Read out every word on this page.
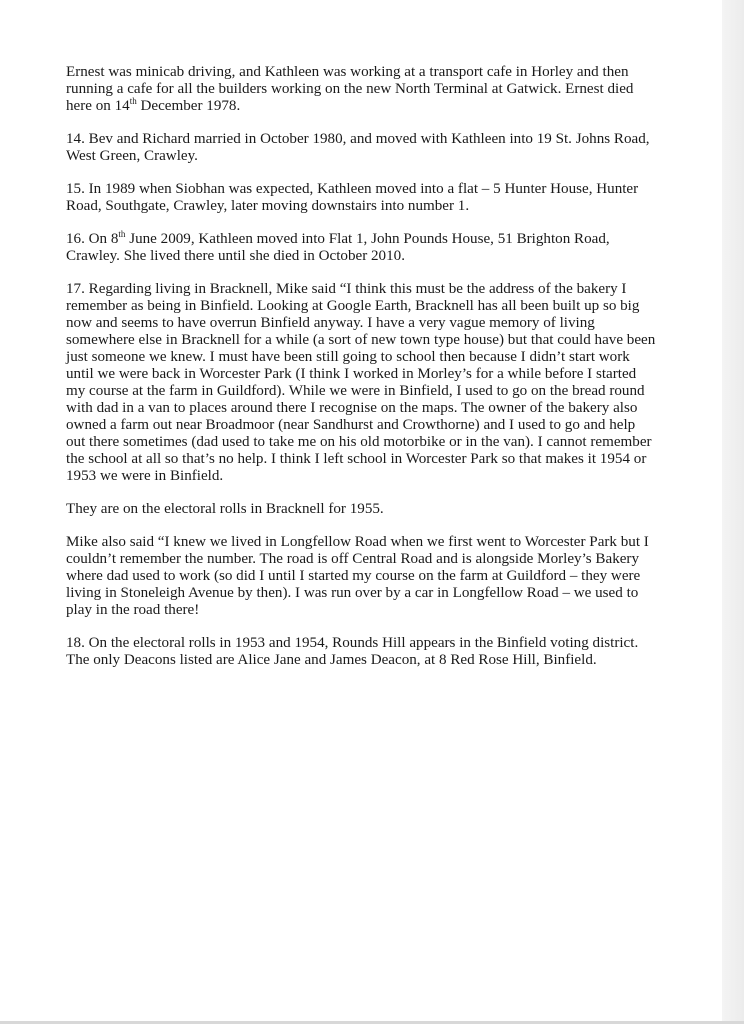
Ernest was minicab driving, and Kathleen was working at a transport cafe in Horley and then running a cafe for all the builders working on the new North Terminal at Gatwick. Ernest died here on 14th December 1978.

14. Bev and Richard married in October 1980, and moved with Kathleen into 19 St. Johns Road, West Green, Crawley.

15. In 1989 when Siobhan was expected, Kathleen moved into a flat – 5 Hunter House, Hunter Road, Southgate, Crawley, later moving downstairs into number 1.

16. On 8th June 2009, Kathleen moved into Flat 1, John Pounds House, 51 Brighton Road, Crawley. She lived there until she died in October 2010.

17. Regarding living in Bracknell, Mike said “I think this must be the address of the bakery I remember as being in Binfield. Looking at Google Earth, Bracknell has all been built up so big now and seems to have overrun Binfield anyway. I have a very vague memory of living somewhere else in Bracknell for a while (a sort of new town type house) but that could have been just someone we knew. I must have been still going to school then because I didn’t start work until we were back in Worcester Park (I think I worked in Morley’s for a while before I started my course at the farm in Guildford). While we were in Binfield, I used to go on the bread round with dad in a van to places around there I recognise on the maps. The owner of the bakery also owned a farm out near Broadmoor (near Sandhurst and Crowthorne) and I used to go and help out there sometimes (dad used to take me on his old motorbike or in the van). I cannot remember the school at all so that’s no help. I think I left school in Worcester Park so that makes it 1954 or 1953 we were in Binfield.

They are on the electoral rolls in Bracknell for 1955.

Mike also said “I knew we lived in Longfellow Road when we first went to Worcester Park but I couldn’t remember the number. The road is off Central Road and is alongside Morley’s Bakery where dad used to work (so did I until I started my course on the farm at Guildford – they were living in Stoneleigh Avenue by then). I was run over by a car in Longfellow Road – we used to play in the road there!

18. On the electoral rolls in 1953 and 1954, Rounds Hill appears in the Binfield voting district. The only Deacons listed are Alice Jane and James Deacon, at 8 Red Rose Hill, Binfield.
